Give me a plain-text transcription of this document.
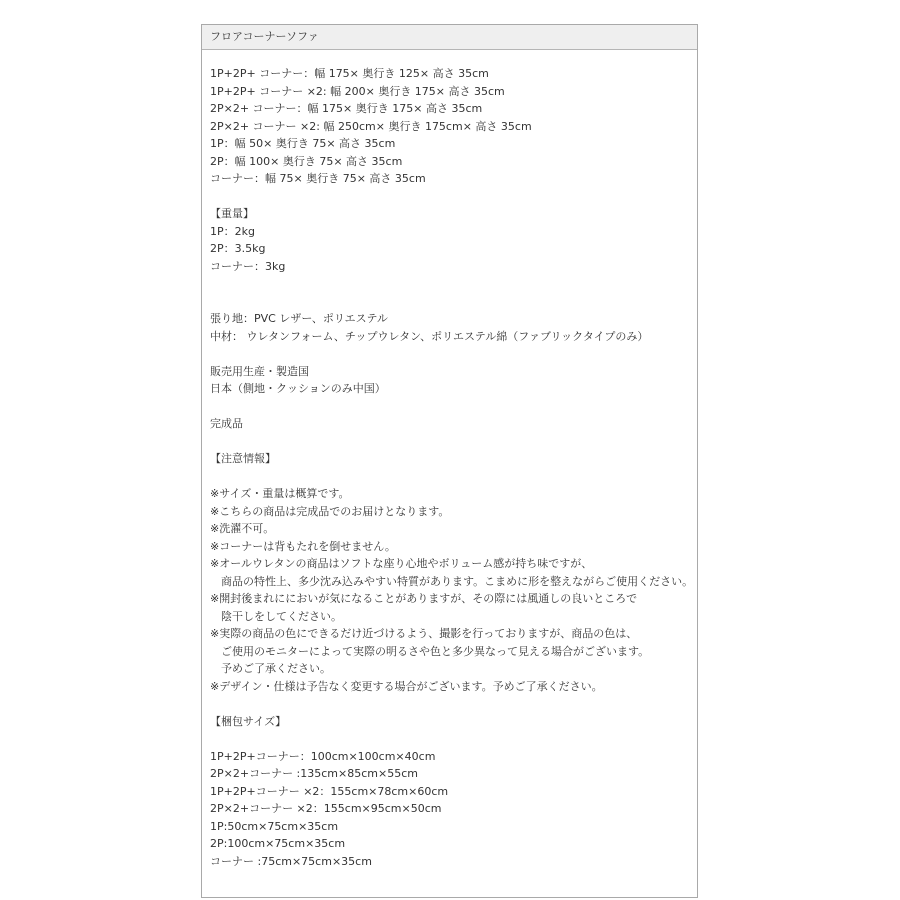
フロアコーナーソファ
1P+2P+ コーナー：幅 175× 奥行き 125× 高さ 35cm
1P+2P+ コーナー ×2: 幅 200× 奥行き 175× 高さ 35cm
2P×2+ コーナー：幅 175× 奥行き 175× 高さ 35cm
2P×2+ コーナー ×2: 幅 250cm× 奥行き 175cm× 高さ 35cm
1P：幅 50× 奥行き 75× 高さ 35cm
2P：幅 100× 奥行き 75× 高さ 35cm
コーナー：幅 75× 奥行き 75× 高さ 35cm
【重量】
1P：2kg
2P：3.5kg
コーナー：3kg
張り地：PVC レザー、ポリエステル
中材： ウレタンフォーム、チップウレタン、ポリエステル綿（ファブリックタイプのみ）
販売用生産・製造国
日本（側地・クッションのみ中国）
完成品
【注意情報】
※サイズ・重量は概算です。
※こちらの商品は完成品でのお届けとなります。
※洗濯不可。
※コーナーは背もたれを倒せません。
※オールウレタンの商品はソフトな座り心地やボリューム感が持ち味ですが、
商品の特性上、多少沈み込みやすい特質があります。こまめに形を整えながらご使用ください。
※開封後まれににおいが気になることがありますが、その際には風通しの良いところで
陰干しをしてください。
※実際の商品の色にできるだけ近づけるよう、撮影を行っておりますが、商品の色は、
ご使用のモニターによって実際の明るさや色と多少異なって見える場合がございます。
予めご了承ください。
※デザイン・仕様は予告なく変更する場合がございます。予めご了承ください。
【梱包サイズ】
1P+2P+コーナー：100cm×100cm×40cm
2P×2+コーナー :135cm×85cm×55cm
1P+2P+コーナー ×2：155cm×78cm×60cm
2P×2+コーナー ×2：155cm×95cm×50cm
1P:50cm×75cm×35cm
2P:100cm×75cm×35cm
コーナー :75cm×75cm×35cm
